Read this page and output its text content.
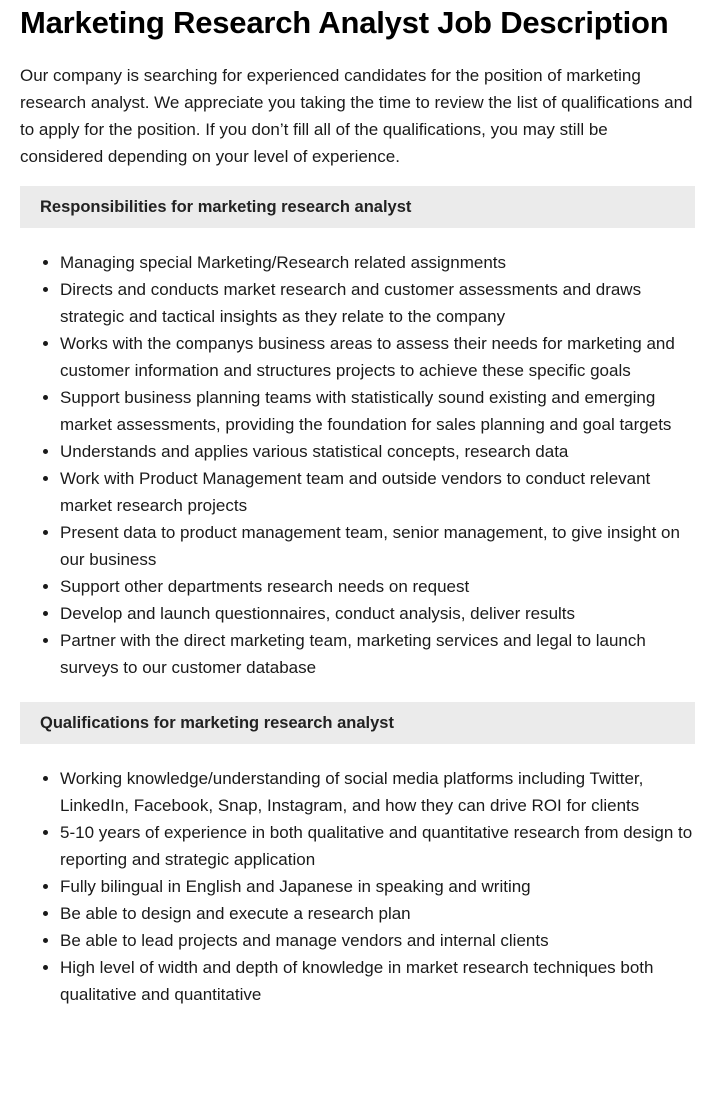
Marketing Research Analyst Job Description

Our company is searching for experienced candidates for the position of marketing research analyst. We appreciate you taking the time to review the list of qualifications and to apply for the position. If you don’t fill all of the qualifications, you may still be considered depending on your level of experience.

Responsibilities for marketing research analyst
• Managing special Marketing/Research related assignments
• Directs and conducts market research and customer assessments and draws strategic and tactical insights as they relate to the company
• Works with the companys business areas to assess their needs for marketing and customer information and structures projects to achieve these specific goals
• Support business planning teams with statistically sound existing and emerging market assessments, providing the foundation for sales planning and goal targets
• Understands and applies various statistical concepts, research data
• Work with Product Management team and outside vendors to conduct relevant market research projects
• Present data to product management team, senior management, to give insight on our business
• Support other departments research needs on request
• Develop and launch questionnaires, conduct analysis, deliver results
• Partner with the direct marketing team, marketing services and legal to launch surveys to our customer database
Qualifications for marketing research analyst
• Working knowledge/understanding of social media platforms including Twitter, LinkedIn, Facebook, Snap, Instagram, and how they can drive ROI for clients
• 5-10 years of experience in both qualitative and quantitative research from design to reporting and strategic application
• Fully bilingual in English and Japanese in speaking and writing
• Be able to design and execute a research plan
• Be able to lead projects and manage vendors and internal clients
• High level of width and depth of knowledge in market research techniques both qualitative and quantitative
